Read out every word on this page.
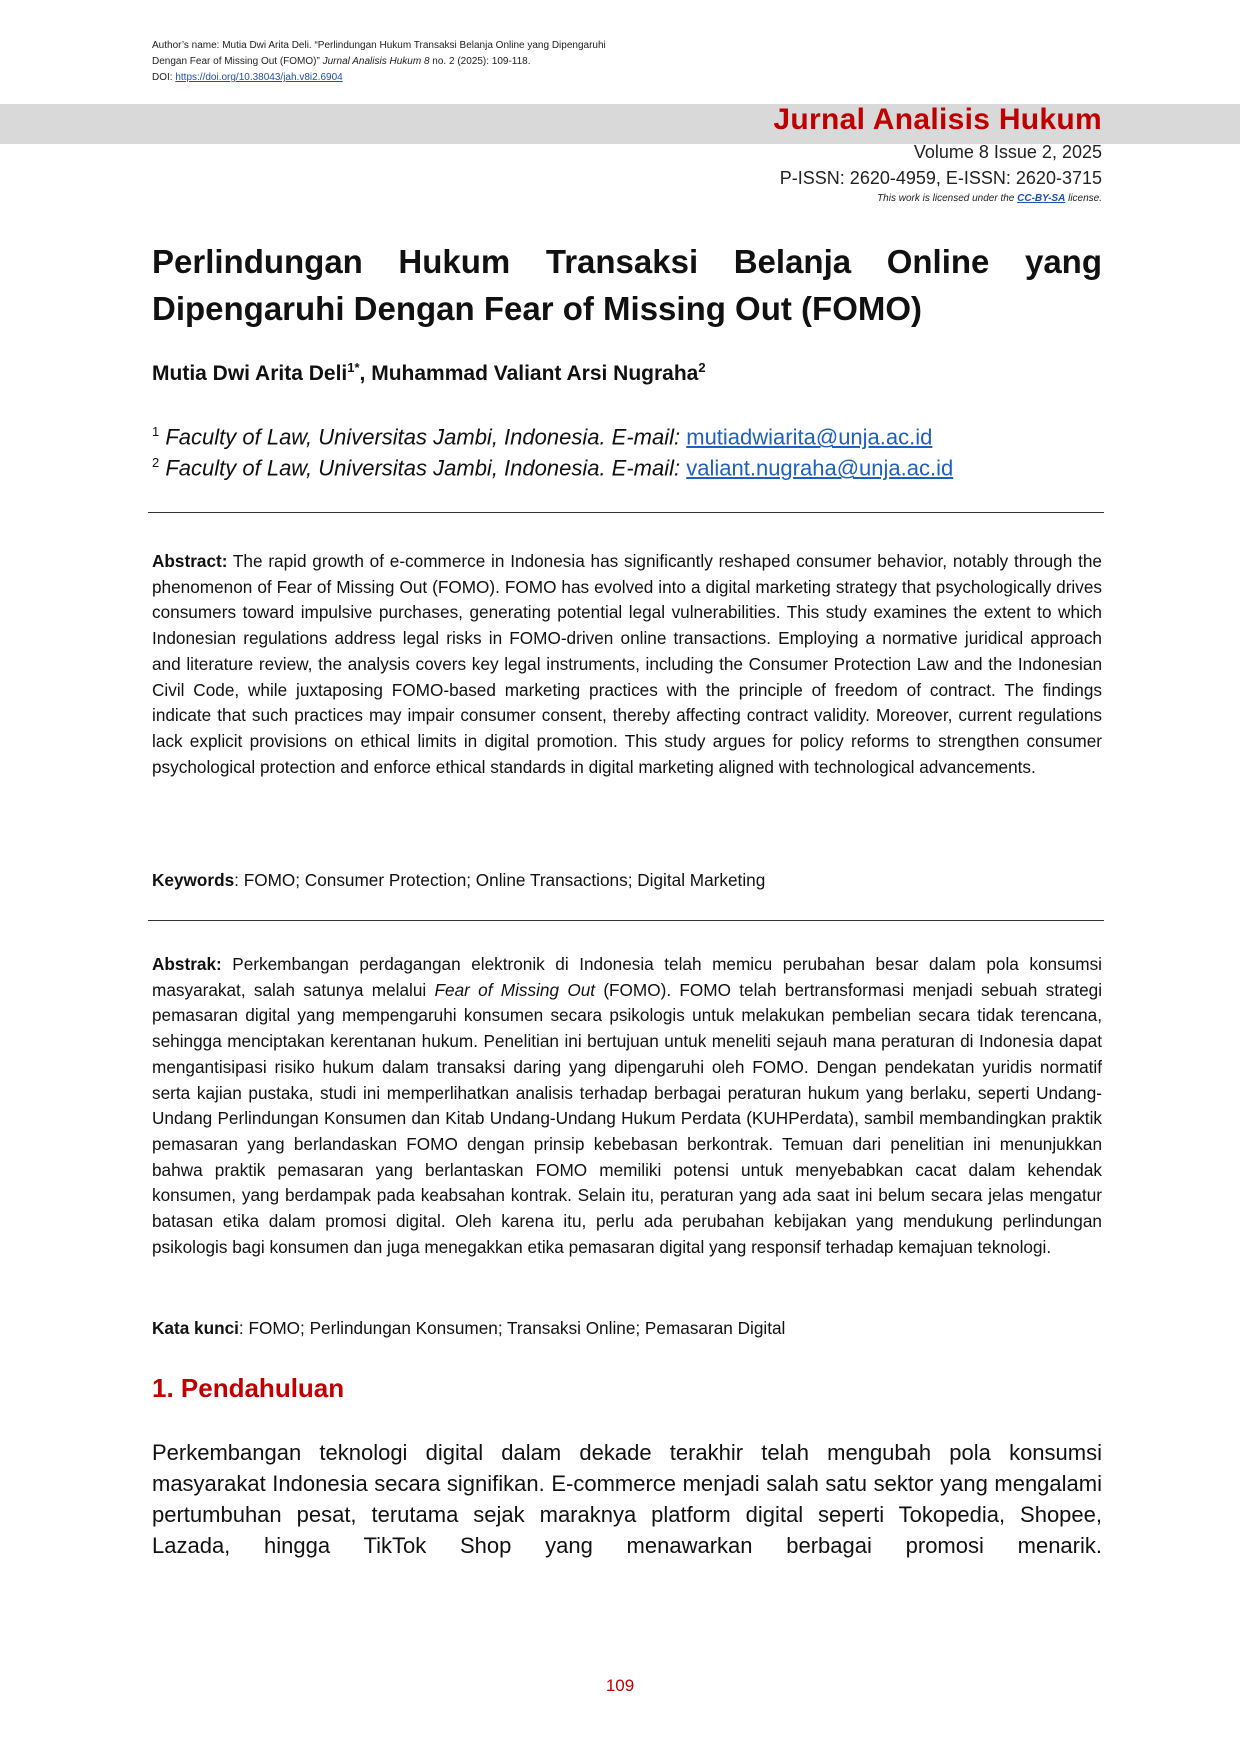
Author’s name: Mutia Dwi Arita Deli. “Perlindungan Hukum Transaksi Belanja Online yang Dipengaruhi
Dengan Fear of Missing Out (FOMO)” Jurnal Analisis Hukum 8 no. 2 (2025): 109-118.
DOI: https://doi.org/10.38043/jah.v8i2.6904
Jurnal Analisis Hukum
Volume 8 Issue 2, 2025
P-ISSN: 2620-4959, E-ISSN: 2620-3715
This work is licensed under the CC-BY-SA license.
Perlindungan Hukum Transaksi Belanja Online yang Dipengaruhi Dengan Fear of Missing Out (FOMO)
Mutia Dwi Arita Deli$^{1*}$, Muhammad Valiant Arsi Nugraha$^2$
$^1$ Faculty of Law, Universitas Jambi, Indonesia. E-mail: mutiadwiarita@unja.ac.id
$^2$ Faculty of Law, Universitas Jambi, Indonesia. E-mail: valiant.nugraha@unja.ac.id
Abstract: The rapid growth of e-commerce in Indonesia has significantly reshaped consumer behavior, notably through the phenomenon of Fear of Missing Out (FOMO). FOMO has evolved into a digital marketing strategy that psychologically drives consumers toward impulsive purchases, generating potential legal vulnerabilities. This study examines the extent to which Indonesian regulations address legal risks in FOMO-driven online transactions. Employing a normative juridical approach and literature review, the analysis covers key legal instruments, including the Consumer Protection Law and the Indonesian Civil Code, while juxtaposing FOMO-based marketing practices with the principle of freedom of contract. The findings indicate that such practices may impair consumer consent, thereby affecting contract validity. Moreover, current regulations lack explicit provisions on ethical limits in digital promotion. This study argues for policy reforms to strengthen consumer psychological protection and enforce ethical standards in digital marketing aligned with technological advancements.
Keywords: FOMO; Consumer Protection; Online Transactions; Digital Marketing
Abstrak: Perkembangan perdagangan elektronik di Indonesia telah memicu perubahan besar dalam pola konsumsi masyarakat, salah satunya melalui Fear of Missing Out (FOMO). FOMO telah bertransformasi menjadi sebuah strategi pemasaran digital yang mempengaruhi konsumen secara psikologis untuk melakukan pembelian secara tidak terencana, sehingga menciptakan kerentanan hukum. Penelitian ini bertujuan untuk meneliti sejauh mana peraturan di Indonesia dapat mengantisipasi risiko hukum dalam transaksi daring yang dipengaruhi oleh FOMO. Dengan pendekatan yuridis normatif serta kajian pustaka, studi ini memperlihatkan analisis terhadap berbagai peraturan hukum yang berlaku, seperti Undang-Undang Perlindungan Konsumen dan Kitab Undang-Undang Hukum Perdata (KUHPerdata), sambil membandingkan praktik pemasaran yang berlandaskan FOMO dengan prinsip kebebasan berkontrak. Temuan dari penelitian ini menunjukkan bahwa praktik pemasaran yang berlantaskan FOMO memiliki potensi untuk menyebabkan cacat dalam kehendak konsumen, yang berdampak pada keabsahan kontrak. Selain itu, peraturan yang ada saat ini belum secara jelas mengatur batasan etika dalam promosi digital. Oleh karena itu, perlu ada perubahan kebijakan yang mendukung perlindungan psikologis bagi konsumen dan juga menegakkan etika pemasaran digital yang responsif terhadap kemajuan teknologi.
Kata kunci: FOMO; Perlindungan Konsumen; Transaksi Online; Pemasaran Digital
1. Pendahuluan
Perkembangan teknologi digital dalam dekade terakhir telah mengubah pola konsumsi masyarakat Indonesia secara signifikan. E-commerce menjadi salah satu sektor yang mengalami pertumbuhan pesat, terutama sejak maraknya platform digital seperti Tokopedia, Shopee, Lazada, hingga TikTok Shop yang menawarkan berbagai promosi menarik.
109
